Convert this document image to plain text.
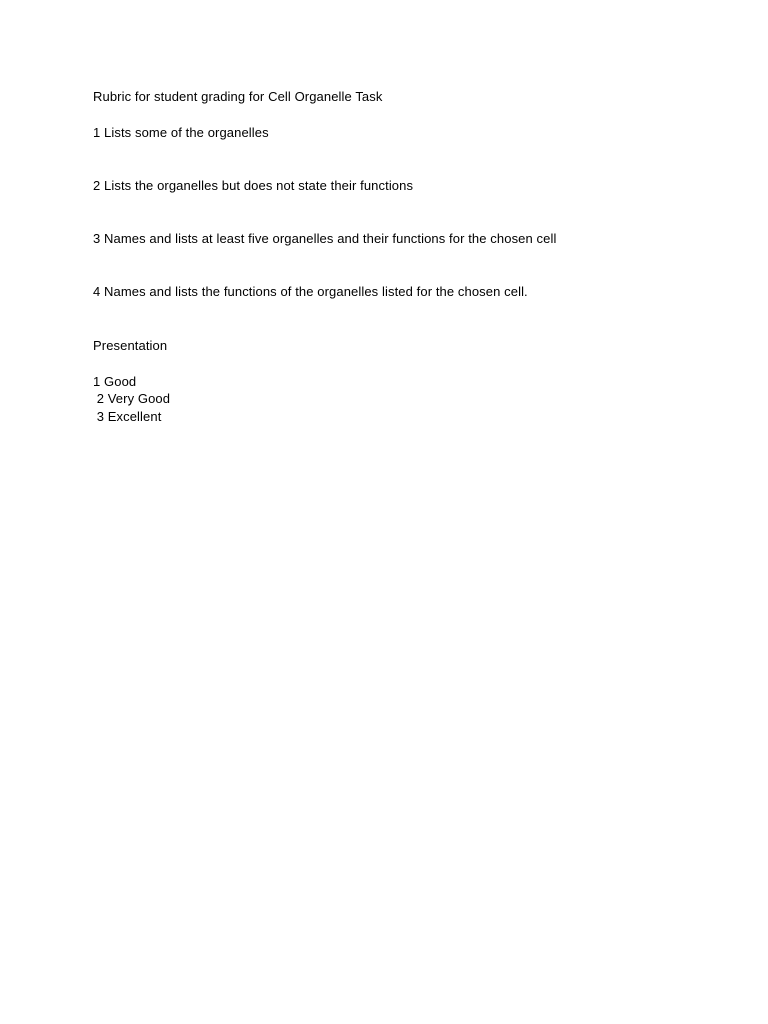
Rubric for student grading for Cell Organelle Task
1 Lists some of the organelles
2 Lists the organelles but does not state their functions
3 Names and lists at least five organelles and their functions for the chosen cell
4 Names and lists the functions of the organelles listed for the chosen cell.
Presentation
1 Good
2 Very Good
3 Excellent
